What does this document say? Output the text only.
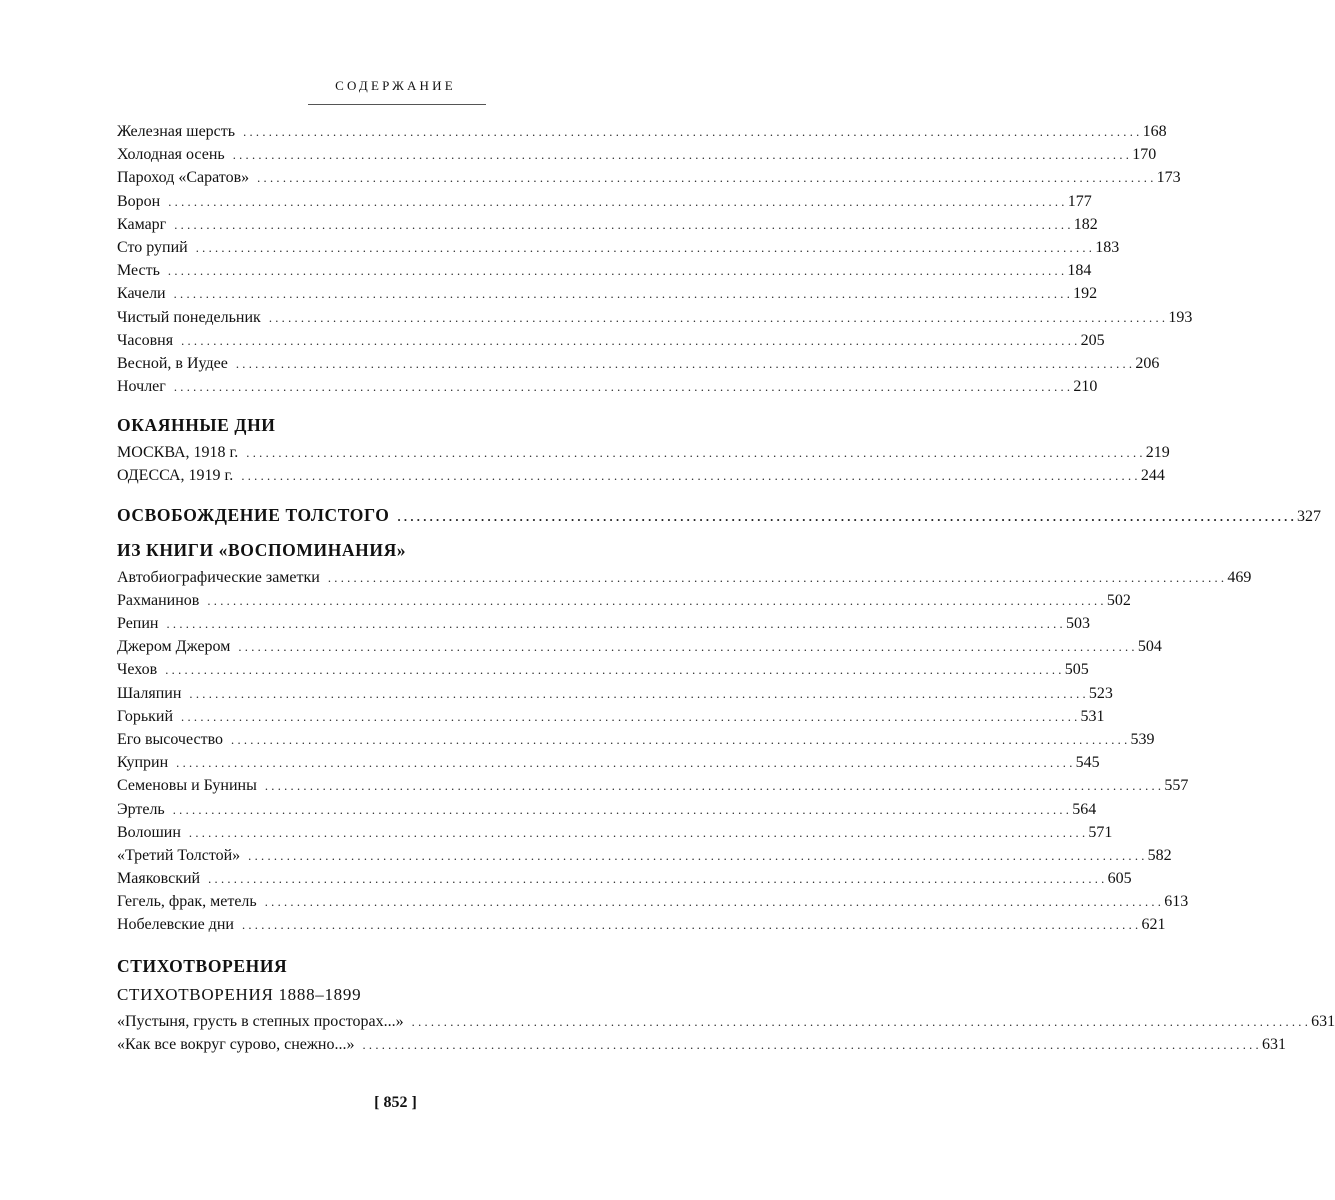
СОДЕРЖАНИЕ
Железная шерсть ............................................................................................................................................ 168
Холодная осень ............................................................................................................................................ 170
Пароход «Саратов» ............................................................................................................................................ 173
Ворон ............................................................................................................................................ 177
Камарг ............................................................................................................................................ 182
Сто рупий ............................................................................................................................................ 183
Месть ............................................................................................................................................ 184
Качели ............................................................................................................................................ 192
Чистый понедельник ............................................................................................................................................ 193
Часовня ............................................................................................................................................ 205
Весной, в Иудее ............................................................................................................................................ 206
Ночлег ............................................................................................................................................ 210
ОКАЯННЫЕ ДНИ
МОСКВА, 1918 г. ............................................................................................................................................ 219
ОДЕССА, 1919 г. ............................................................................................................................................ 244
ОСВОБОЖДЕНИЕ ТОЛСТОГО ............................................................................................................................................ 327
ИЗ КНИГИ «ВОСПОМИНАНИЯ»
Автобиографические заметки ............................................................................................................................................ 469
Рахманинов ............................................................................................................................................ 502
Репин ............................................................................................................................................ 503
Джером Джером ............................................................................................................................................ 504
Чехов ............................................................................................................................................ 505
Шаляпин ............................................................................................................................................ 523
Горький ............................................................................................................................................ 531
Его высочество ............................................................................................................................................ 539
Куприн ............................................................................................................................................ 545
Семеновы и Бунины ............................................................................................................................................ 557
Эртель ............................................................................................................................................ 564
Волошин ............................................................................................................................................ 571
«Третий Толстой» ............................................................................................................................................ 582
Маяковский ............................................................................................................................................ 605
Гегель, фрак, метель ............................................................................................................................................ 613
Нобелевские дни ............................................................................................................................................ 621
СТИХОТВОРЕНИЯ
СТИХОТВОРЕНИЯ 1888–1899
«Пустыня, грусть в степных просторах...» ............................................................................................................................................ 631
«Как все вокруг сурово, снежно...» ............................................................................................................................................ 631
[ 852 ]
